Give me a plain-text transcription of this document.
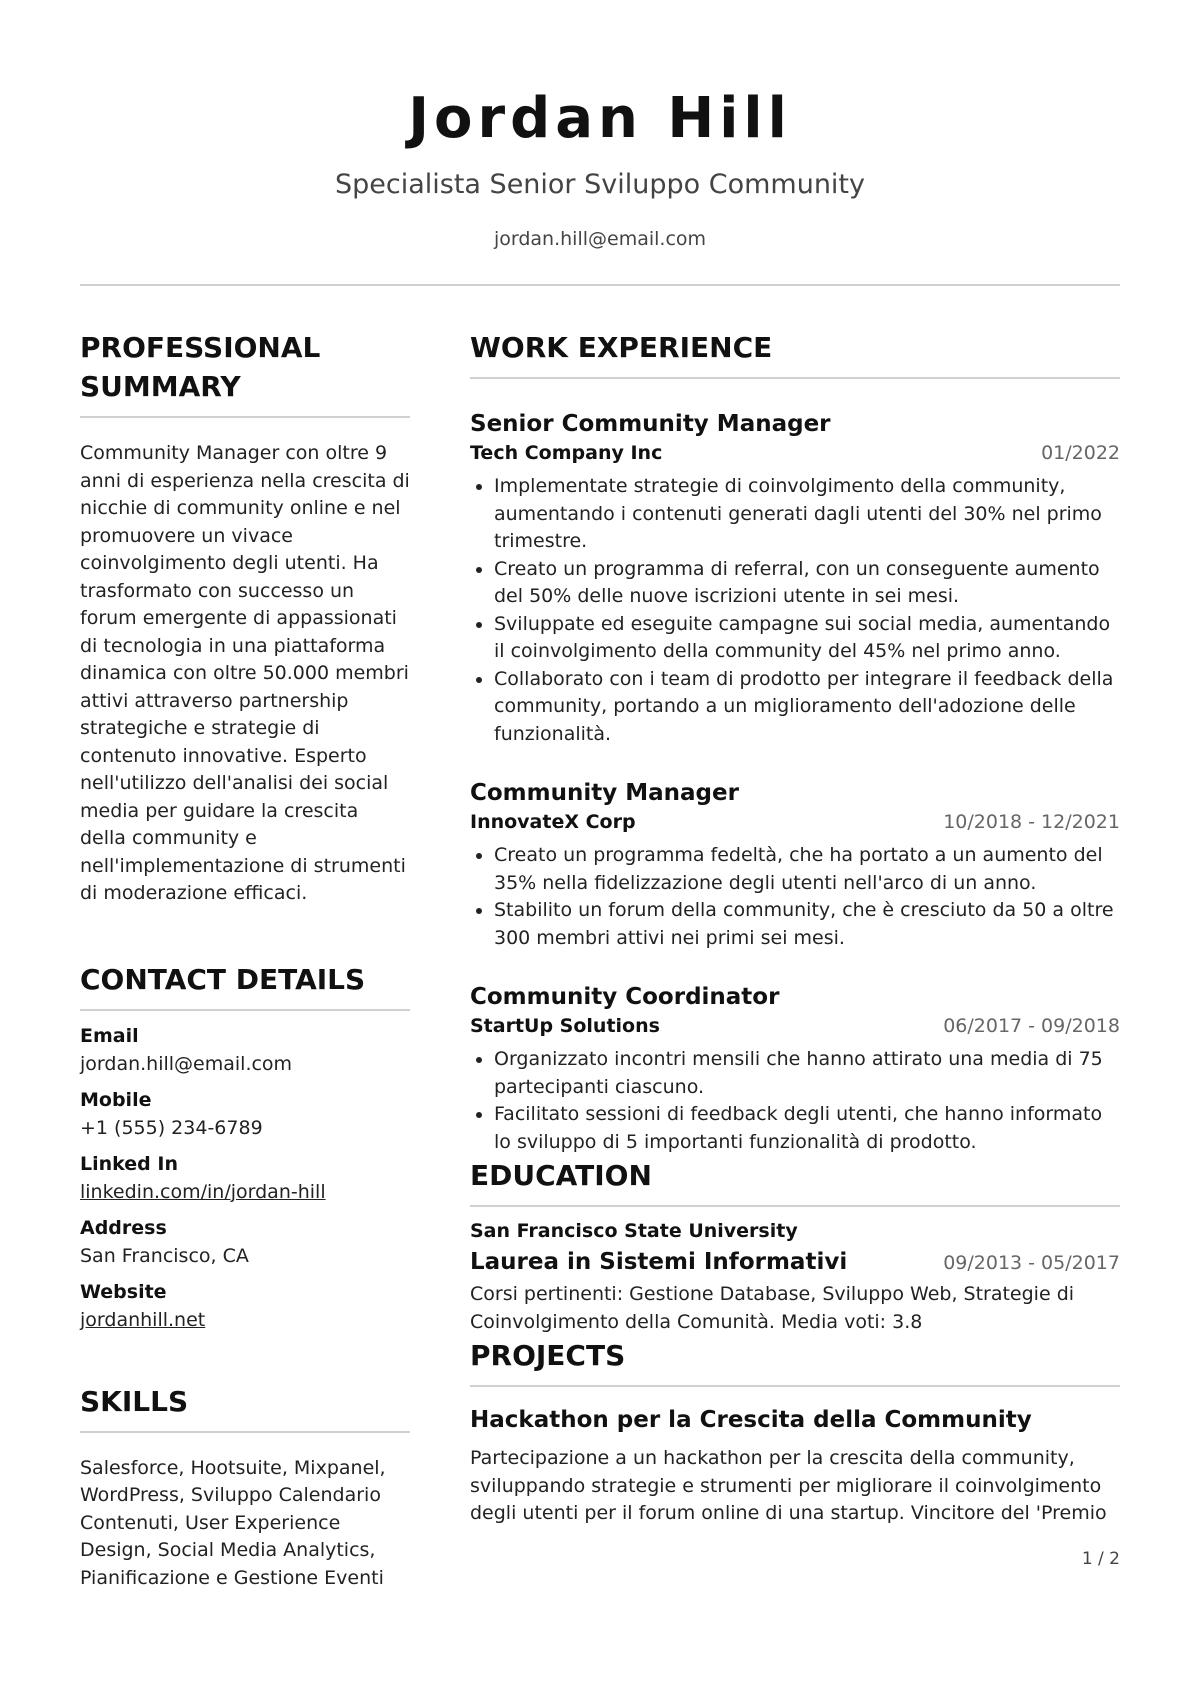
Jordan Hill
Specialista Senior Sviluppo Community
jordan.hill@email.com
PROFESSIONAL SUMMARY
Community Manager con oltre 9 anni di esperienza nella crescita di nicchie di community online e nel promuovere un vivace coinvolgimento degli utenti. Ha trasformato con successo un forum emergente di appassionati di tecnologia in una piattaforma dinamica con oltre 50.000 membri attivi attraverso partnership strategiche e strategie di contenuto innovative. Esperto nell'utilizzo dell'analisi dei social media per guidare la crescita della community e nell'implementazione di strumenti di moderazione efficaci.
CONTACT DETAILS
Email
jordan.hill@email.com
Mobile
+1 (555) 234-6789
Linked In
linkedin.com/in/jordan-hill
Address
San Francisco, CA
Website
jordanhill.net
SKILLS
Salesforce, Hootsuite, Mixpanel, WordPress, Sviluppo Calendario Contenuti, User Experience Design, Social Media Analytics, Pianificazione e Gestione Eventi
WORK EXPERIENCE
Senior Community Manager
Tech Company Inc	01/2022
• Implementate strategie di coinvolgimento della community, aumentando i contenuti generati dagli utenti del 30% nel primo trimestre.
• Creato un programma di referral, con un conseguente aumento del 50% delle nuove iscrizioni utente in sei mesi.
• Sviluppate ed eseguite campagne sui social media, aumentando il coinvolgimento della community del 45% nel primo anno.
• Collaborato con i team di prodotto per integrare il feedback della community, portando a un miglioramento dell'adozione delle funzionalità.
Community Manager
InnovateX Corp	10/2018 - 12/2021
• Creato un programma fedeltà, che ha portato a un aumento del 35% nella fidelizzazione degli utenti nell'arco di un anno.
• Stabilito un forum della community, che è cresciuto da 50 a oltre 300 membri attivi nei primi sei mesi.
Community Coordinator
StartUp Solutions	06/2017 - 09/2018
• Organizzato incontri mensili che hanno attirato una media di 75 partecipanti ciascuno.
• Facilitato sessioni di feedback degli utenti, che hanno informato lo sviluppo di 5 importanti funzionalità di prodotto.
EDUCATION
San Francisco State University
Laurea in Sistemi Informativi	09/2013 - 05/2017
Corsi pertinenti: Gestione Database, Sviluppo Web, Strategie di Coinvolgimento della Comunità. Media voti: 3.8
PROJECTS
Hackathon per la Crescita della Community
Partecipazione a un hackathon per la crescita della community, sviluppando strategie e strumenti per migliorare il coinvolgimento degli utenti per il forum online di una startup. Vincitore del 'Premio
1 / 2
